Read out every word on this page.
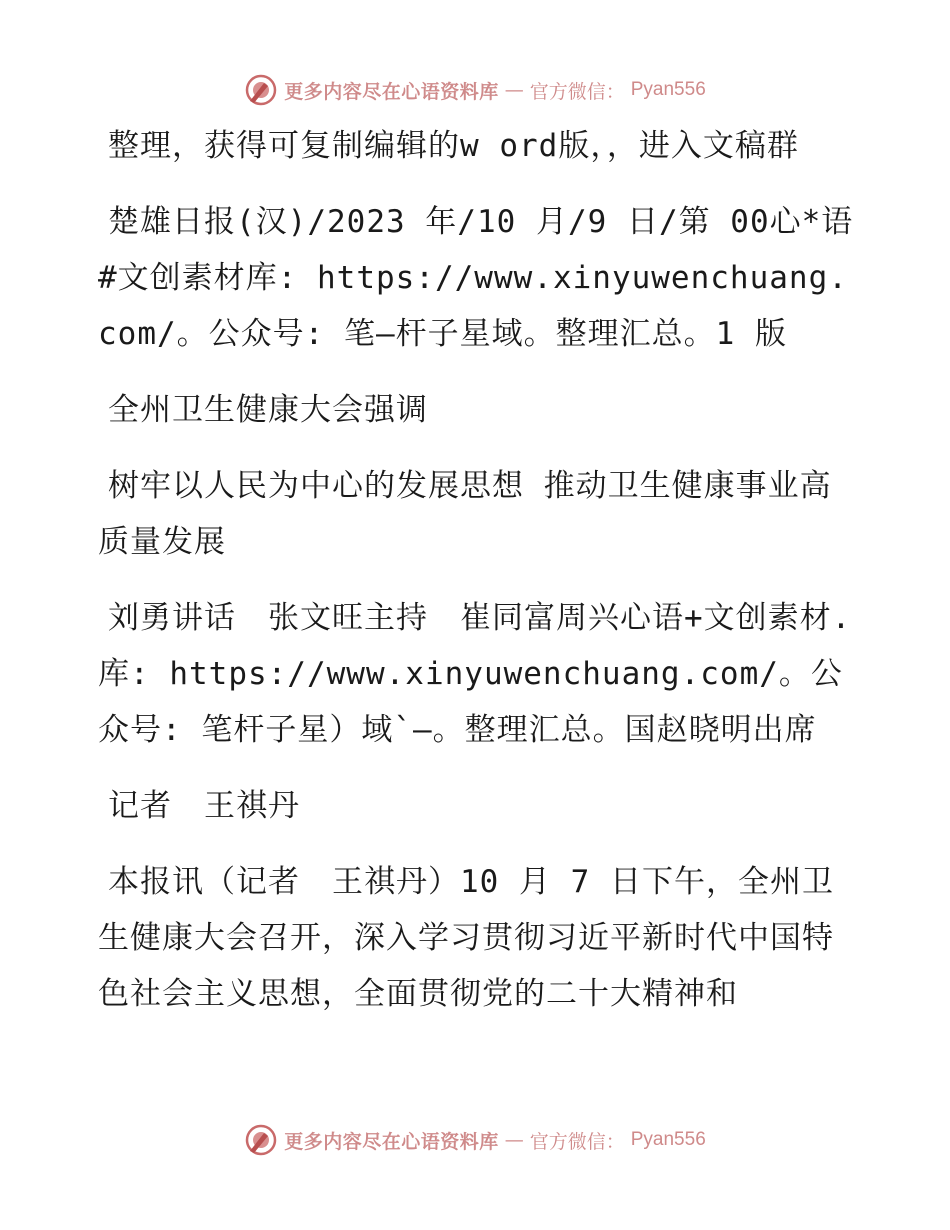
更多内容尽在心语资料库 — 官方微信： Pyan556

整理，获得可复制编辑的w ord版，，进入文稿群

楚雄日报(汉)/2023 年/10 月/9 日/第 00心*语#文创素材库: https://www.xinyuwenchuang.com/。公众号: 笔—杆子星域。整理汇总。1 版

全州卫生健康大会强调

树牢以人民为中心的发展思想 推动卫生健康事业高质量发展

刘勇讲话　张文旺主持　崔同富周兴心语+文创素材.库: https://www.xinyuwenchuang.com/。公众号: 笔杆子星）域`—。整理汇总。国赵晓明出席

记者　王祺丹

本报讯（记者　王祺丹）10 月 7 日下午，全州卫生健康大会召开，深入学习贯彻习近平新时代中国特色社会主义思想，全面贯彻党的二十大精神和

更多内容尽在心语资料库 — 官方微信： Pyan556
